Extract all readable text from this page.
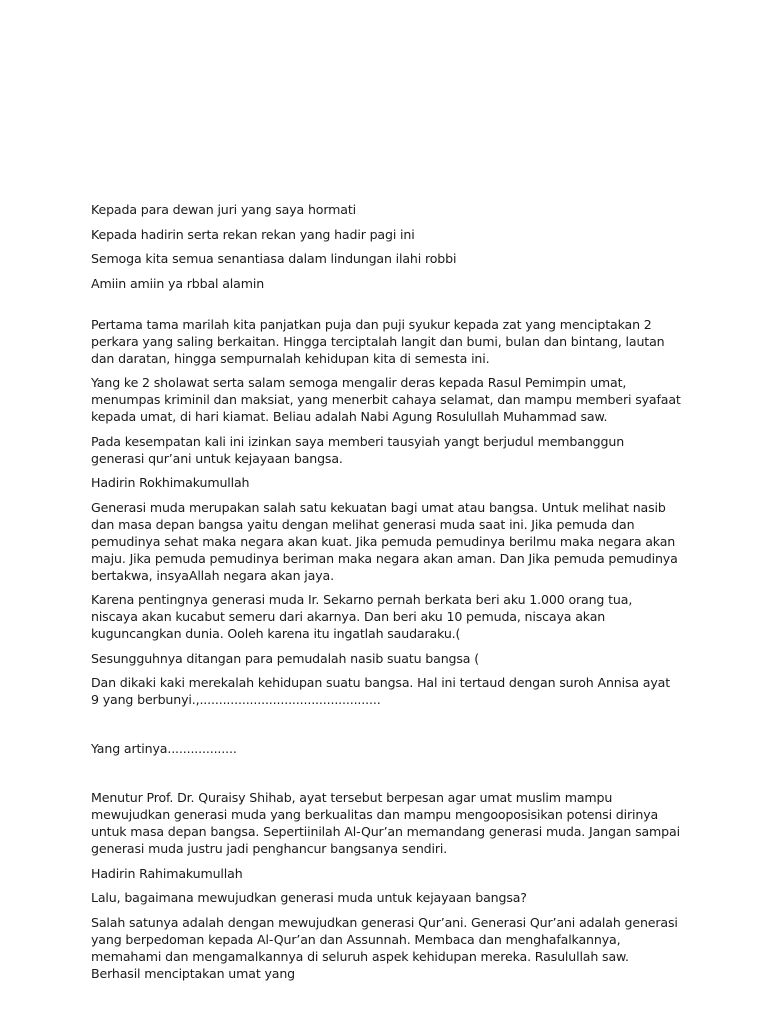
Kepada para dewan juri yang saya hormati

Kepada hadirin serta rekan rekan yang hadir pagi ini

Semoga kita semua senantiasa dalam lindungan ilahi robbi

Amiin amiin ya rbbal alamin

Pertama tama marilah kita panjatkan puja dan puji syukur kepada zat yang menciptakan 2 perkara yang saling berkaitan. Hingga terciptalah langit dan bumi, bulan dan bintang, lautan dan daratan, hingga sempurnalah kehidupan kita di semesta ini.

Yang ke 2 sholawat serta salam semoga mengalir deras kepada Rasul Pemimpin umat, menumpas kriminil dan maksiat, yang menerbit cahaya selamat, dan mampu memberi syafaat kepada umat, di hari kiamat. Beliau adalah Nabi Agung Rosulullah Muhammad saw.

Pada kesempatan kali ini izinkan saya memberi tausyiah yangt berjudul membanggun generasi qur’ani untuk kejayaan bangsa.

Hadirin Rokhimakumullah

Generasi muda merupakan salah satu kekuatan bagi umat atau bangsa. Untuk melihat nasib dan masa depan bangsa yaitu dengan melihat generasi muda saat ini. Jika pemuda dan pemudinya sehat maka negara akan kuat. Jika pemuda pemudinya berilmu maka negara akan maju. Jika pemuda pemudinya beriman maka negara akan aman. Dan Jika pemuda pemudinya bertakwa, insyaAllah negara akan jaya.

Karena pentingnya generasi muda Ir. Sekarno pernah berkata beri aku 1.000 orang tua, niscaya akan kucabut semeru dari akarnya. Dan beri aku 10 pemuda, niscaya akan kuguncangkan dunia. Ooleh karena itu ingatlah saudaraku.(

Sesungguhnya ditangan para pemudalah nasib suatu bangsa (

Dan dikaki kaki merekalah kehidupan suatu bangsa. Hal ini tertaud dengan suroh Annisa ayat 9 yang berbunyi.,...............................................

Yang artinya..................

Menutur Prof. Dr. Quraisy Shihab, ayat tersebut berpesan agar umat muslim mampu mewujudkan generasi muda yang berkualitas dan mampu mengooposisikan potensi dirinya untuk masa depan bangsa. Sepertiinilah Al-Qur’an memandang generasi muda. Jangan sampai generasi muda justru jadi penghancur bangsanya sendiri.

Hadirin Rahimakumullah

Lalu, bagaimana mewujudkan generasi muda untuk kejayaan bangsa?

Salah satunya adalah dengan mewujudkan generasi Qur’ani. Generasi Qur’ani adalah generasi yang berpedoman kepada Al-Qur’an dan Assunnah. Membaca dan menghafalkannya, memahami dan mengamalkannya di seluruh aspek kehidupan mereka. Rasulullah saw. Berhasil menciptakan umat yang
